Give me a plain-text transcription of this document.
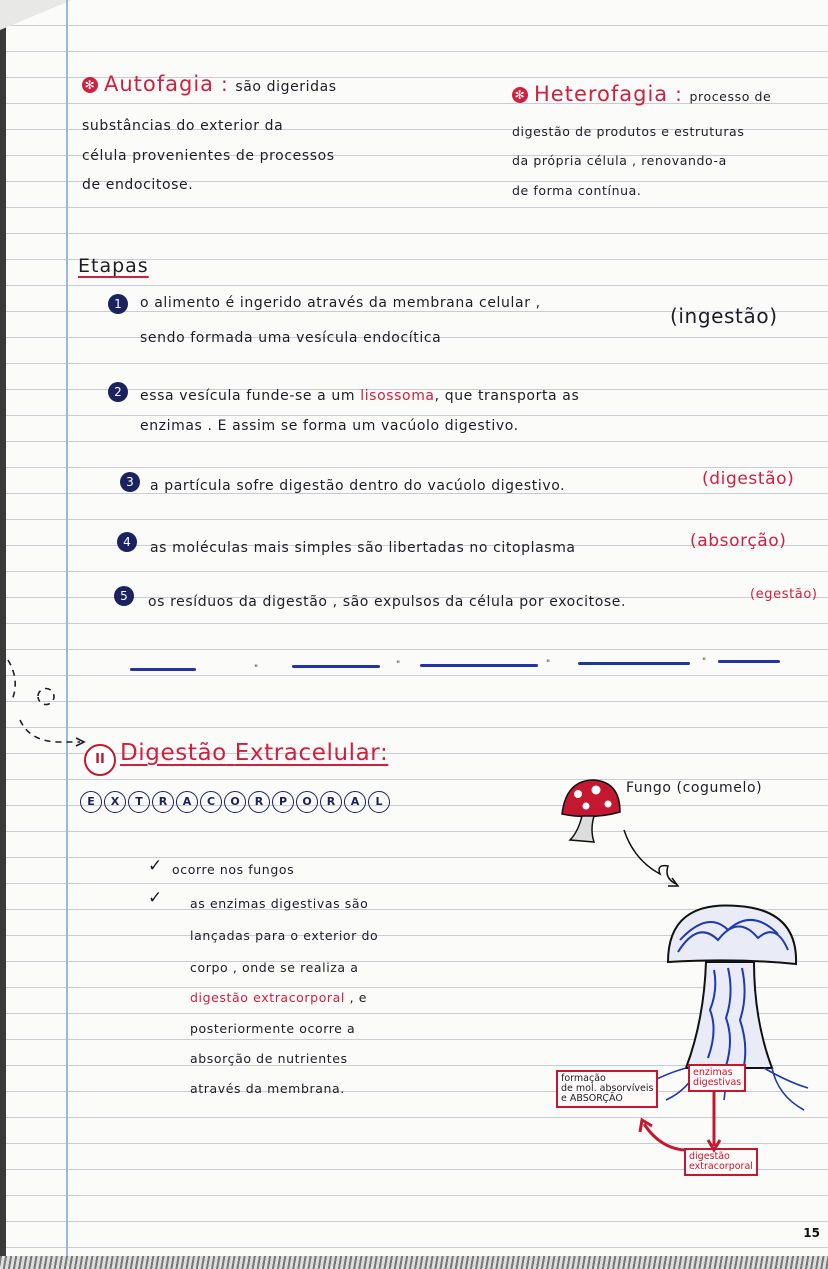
✻ Autofagia : são digeridas
substâncias do exterior da
célula provenientes de processos
de endocitose.
✻ Heterofagia : processo de
digestão de produtos e estruturas
da própria célula , renovando-a
de forma contínua.
Etapas
1	o alimento é ingerido através da membrana celular ,
sendo formada uma vesícula endocítica
(ingestão)
2	essa vesícula funde-se a um lisossoma, que transporta as
enzimas . E assim se forma um vacúolo digestivo.
3	a partícula sofre digestão dentro do vacúolo digestivo.	(digestão)
4	as moléculas mais simples são libertadas no citoplasma	(absorção)
5	os resíduos da digestão , são expulsos da célula por exocitose.	(egestão)
"	"	"	"
II Digestão Extracelular:
E	X	T	R	A	C	O	R	P	O	R	A	L
✓ ocorre nos fungos
✓ as enzimas digestivas são
lançadas para o exterior do
corpo , onde se realiza a
digestão extracorporal , e
posteriormente ocorre a
absorção de nutrientes
através da membrana.
Fungo (cogumelo)
enzimas
digestivas
formação
de mol. absorvíveis
e ABSORÇÃO
digestão
extracorporal
15
